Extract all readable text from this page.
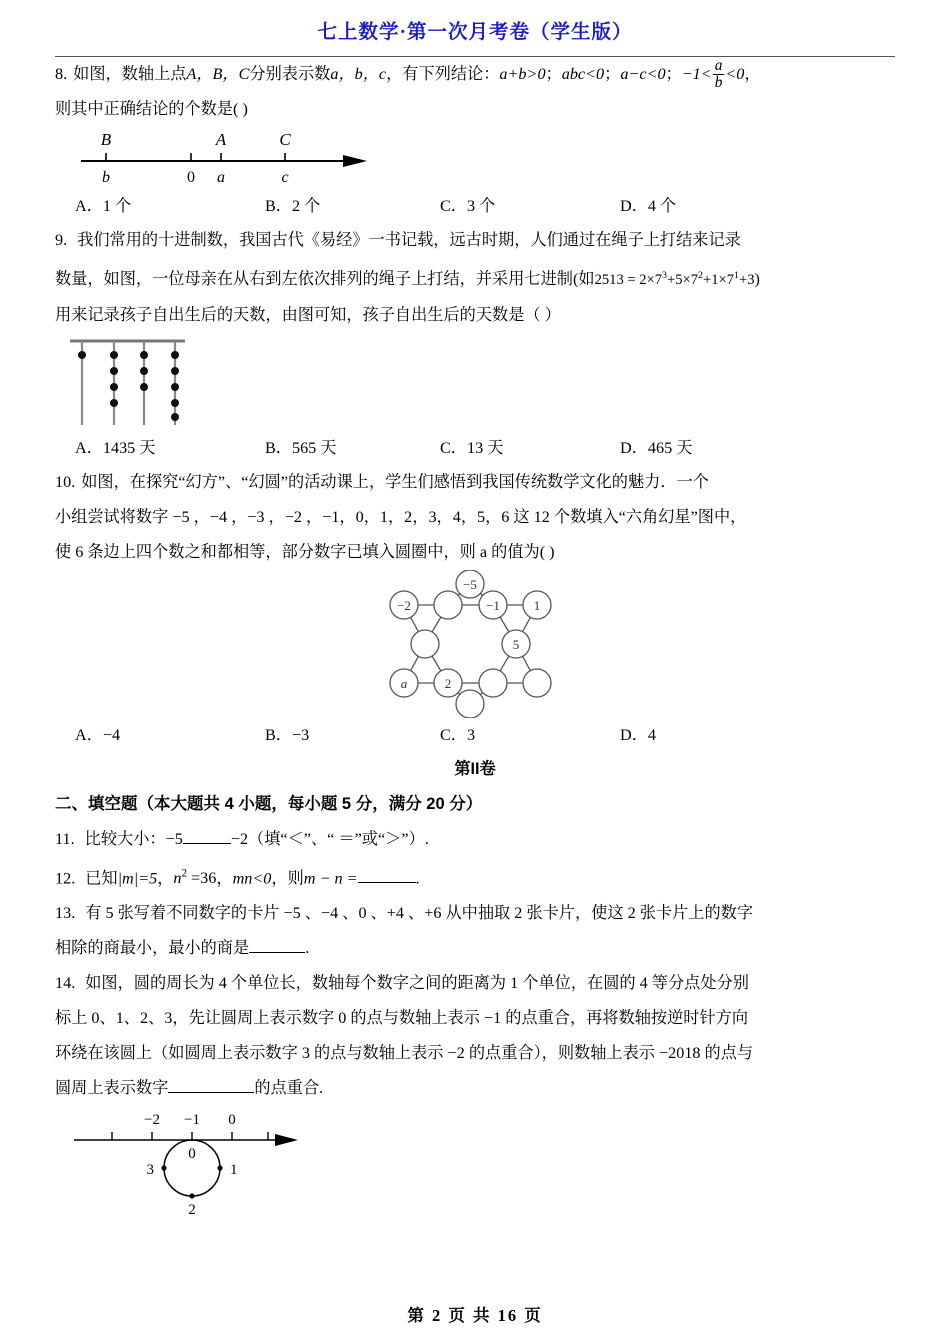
七上数学·第一次月考卷（学生版）

8. 如图，数轴上点A，B，C分别表示数a，b，c，有下列结论：a+b>0；abc<0；a−c<0；$-1< \frac{a}{b} <0$，

则其中正确结论的个数是( )

B	A	C
b	0 a	c
A．1 个	B．2 个	C．3 个	D．4 个

9. 我们常用的十进制数，我国古代《易经》一书记载，远古时期，人们通过在绳子上打结来记录

数量，如图，一位母亲在从右到左依次排列的绳子上打结，并采用七进制(如$2513 = 2\times 7^3+5\times 7^2+1\times 7^1+3$)

用来记录孩子自出生后的天数，由图可知，孩子自出生后的天数是（ ）

A．1435 天	B．565 天	C．13 天	D．465 天

10. 如图，在探究“幻方”、“幻圆”的活动课上，学生们感悟到我国传统数学文化的魅力．一个

小组尝试将数字 −5 ，−4 ，−3 ，−2 ，−1，0，1，2，3，4，5，6 这 12 个数填入“六角幻星”图中，

使 6 条边上四个数之和都相等，部分数字已填入圆圈中，则 a 的值为( )

−5
−2	−1	1
5
a	2
A．−4	B．−3	C．3	D．4
第II卷
二、填空题（本大题共 4 小题，每小题 5 分，满分 20 分）

11. 比较大小：−5	−2（填“＜”、“ ＝”或“＞”）.

12. 已知|m|=5，$n^2 =36$，mn<0，则m − n =	.

13. 有 5 张写着不同数字的卡片 −5 、−4 、0 、+4 、+6 从中抽取 2 张卡片，使这 2 张卡片上的数字

相除的商最小，最小的商是	.

14. 如图，圆的周长为 4 个单位长，数轴每个数字之间的距离为 1 个单位，在圆的 4 等分点处分别

标上 0、1、2、3，先让圆周上表示数字 0 的点与数轴上表示 −1 的点重合，再将数轴按逆时针方向

环绕在该圆上（如圆周上表示数字 3 的点与数轴上表示 −2 的点重合），则数轴上表示 −2018 的点与

圆周上表示数字	的点重合.

−2 −1 0
0
1
2
3
第 2 页 共 16 页
